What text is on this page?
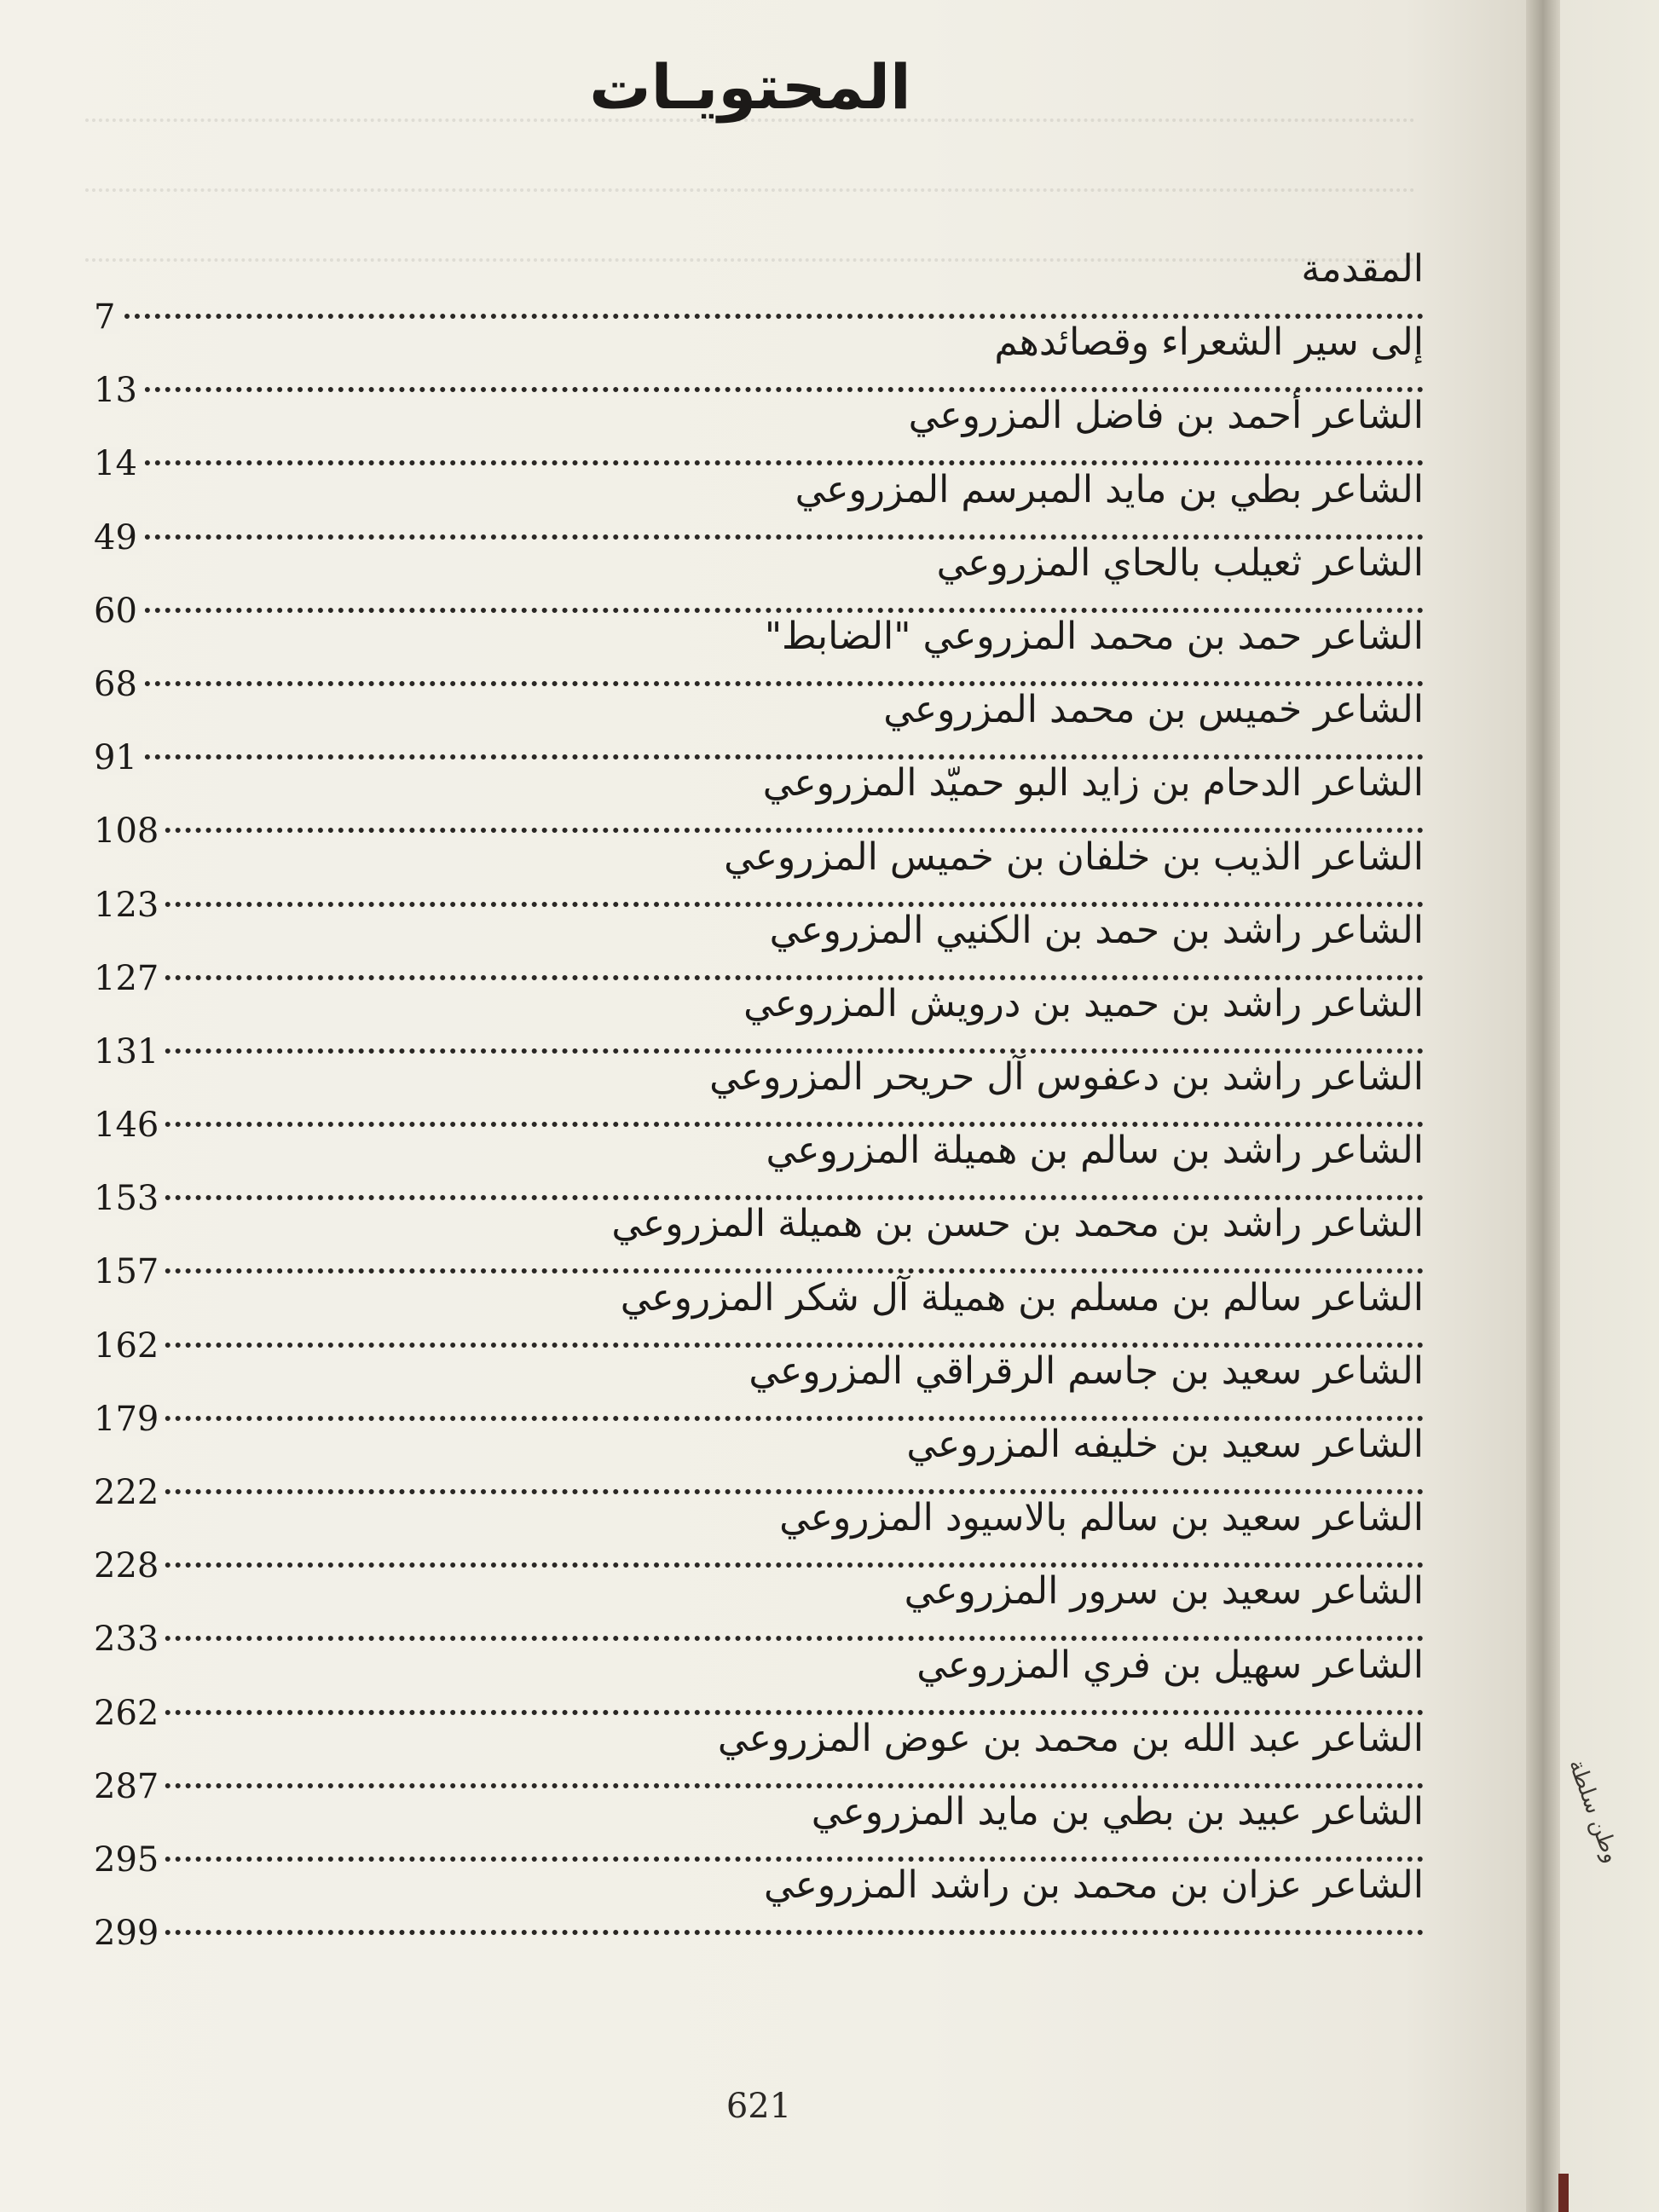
المحتويـات
المقدمة
7
إلى سير الشعراء وقصائدهم
13
الشاعر أحمد بن فاضل المزروعي
14
الشاعر بطي بن مايد المبرسم المزروعي
49
الشاعر ثعيلب بالحاي المزروعي
60
الشاعر حمد بن محمد المزروعي "الضابط"
68
الشاعر خميس بن محمد المزروعي
91
الشاعر الدحام بن زايد البو حميّد المزروعي
108
الشاعر الذيب بن خلفان بن خميس المزروعي
123
الشاعر راشد بن حمد بن الكنيي المزروعي
127
الشاعر راشد بن حميد بن درويش المزروعي
131
الشاعر راشد بن دعفوس آل حريحر المزروعي
146
الشاعر راشد بن سالم بن هميلة المزروعي
153
الشاعر راشد بن محمد بن حسن بن هميلة المزروعي
157
الشاعر سالم بن مسلم بن هميلة آل شكر المزروعي
162
الشاعر سعيد بن جاسم الرقراقي المزروعي
179
الشاعر سعيد بن خليفه المزروعي
222
الشاعر سعيد بن سالم بالاسيود المزروعي
228
الشاعر سعيد بن سرور المزروعي
233
الشاعر سهيل بن فري المزروعي
262
الشاعر عبد الله بن محمد بن عوض المزروعي
287
الشاعر عبيد بن بطي بن مايد المزروعي
295
الشاعر عزان بن محمد بن راشد المزروعي
299
621
وطن سلطة
